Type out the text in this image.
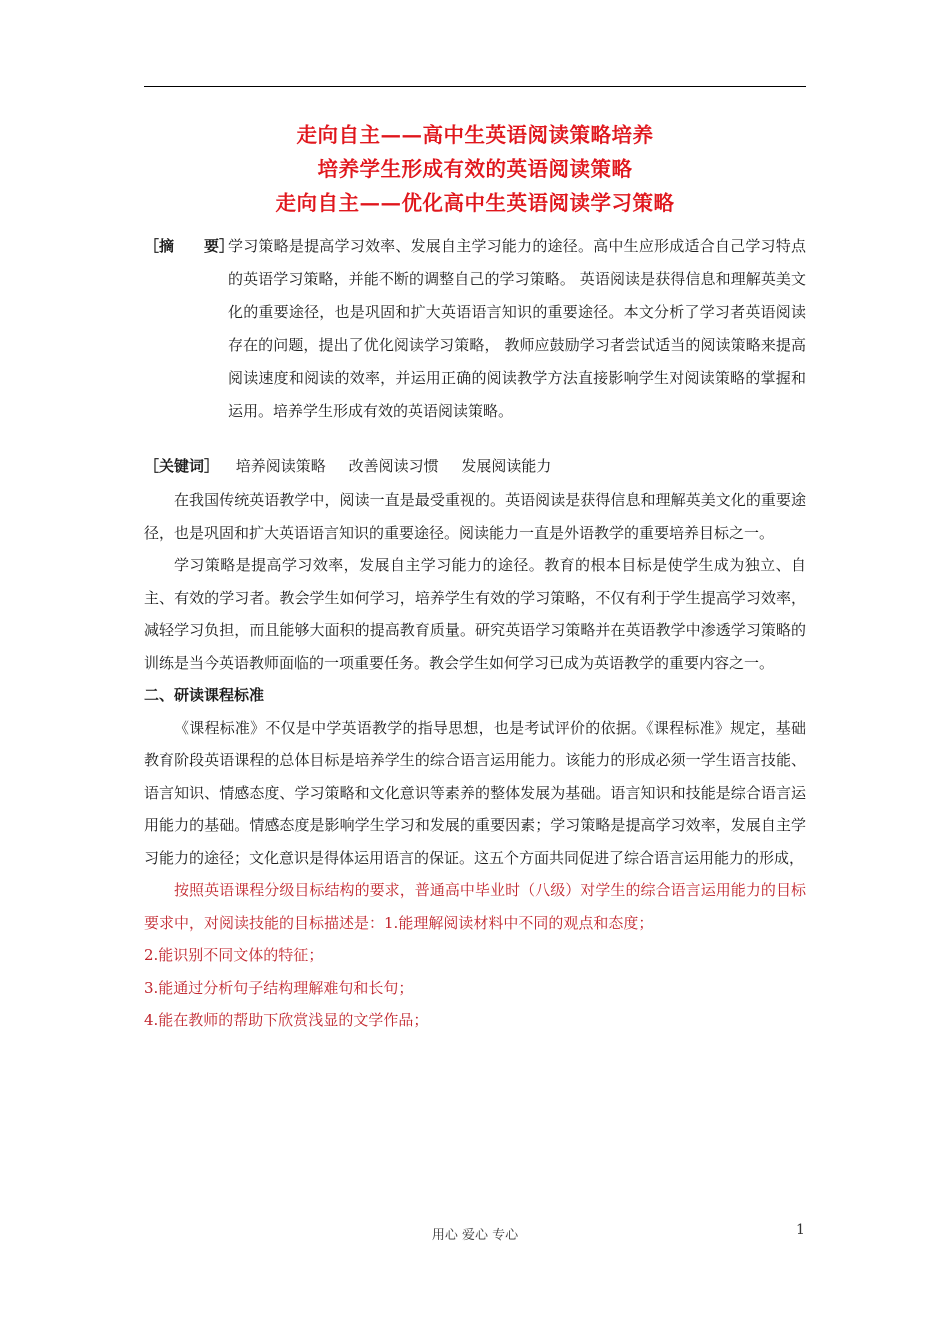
走向自主——高中生英语阅读策略培养
培养学生形成有效的英语阅读策略
走向自主——优化高中生英语阅读学习策略
［摘　　要］
学习策略是提高学习效率、发展自主学习能力的途径。高中生应形成适合自己学习特点的英语学习策略，并能不断的调整自己的学习策略。 英语阅读是获得信息和理解英美文化的重要途径，也是巩固和扩大英语语言知识的重要途径。本文分析了学习者英语阅读存在的问题，提出了优化阅读学习策略， 教师应鼓励学习者尝试适当的阅读策略来提高阅读速度和阅读的效率，并运用正确的阅读教学方法直接影响学生对阅读策略的掌握和运用。培养学生形成有效的英语阅读策略。
［关键词］ 培养阅读策略 改善阅读习惯 发展阅读能力

在我国传统英语教学中，阅读一直是最受重视的。英语阅读是获得信息和理解英美文化的重要途径，也是巩固和扩大英语语言知识的重要途径。阅读能力一直是外语教学的重要培养目标之一。

学习策略是提高学习效率，发展自主学习能力的途径。教育的根本目标是使学生成为独立、自主、有效的学习者。教会学生如何学习，培养学生有效的学习策略，不仅有利于学生提高学习效率，减轻学习负担，而且能够大面积的提高教育质量。研究英语学习策略并在英语教学中渗透学习策略的训练是当今英语教师面临的一项重要任务。教会学生如何学习已成为英语教学的重要内容之一。

二、研读课程标准

《课程标准》不仅是中学英语教学的指导思想，也是考试评价的依据。《课程标准》规定，基础教育阶段英语课程的总体目标是培养学生的综合语言运用能力。该能力的形成必须一学生语言技能、语言知识、情感态度、学习策略和文化意识等素养的整体发展为基础。语言知识和技能是综合语言运用能力的基础。情感态度是影响学生学习和发展的重要因素；学习策略是提高学习效率，发展自主学习能力的途径；文化意识是得体运用语言的保证。这五个方面共同促进了综合语言运用能力的形成，

按照英语课程分级目标结构的要求，普通高中毕业时（八级）对学生的综合语言运用能力的目标要求中，对阅读技能的目标描述是：1.能理解阅读材料中不同的观点和态度；

2.能识别不同文体的特征；

3.能通过分析句子结构理解难句和长句；

4.能在教师的帮助下欣赏浅显的文学作品；

用心 爱心 专心	1
